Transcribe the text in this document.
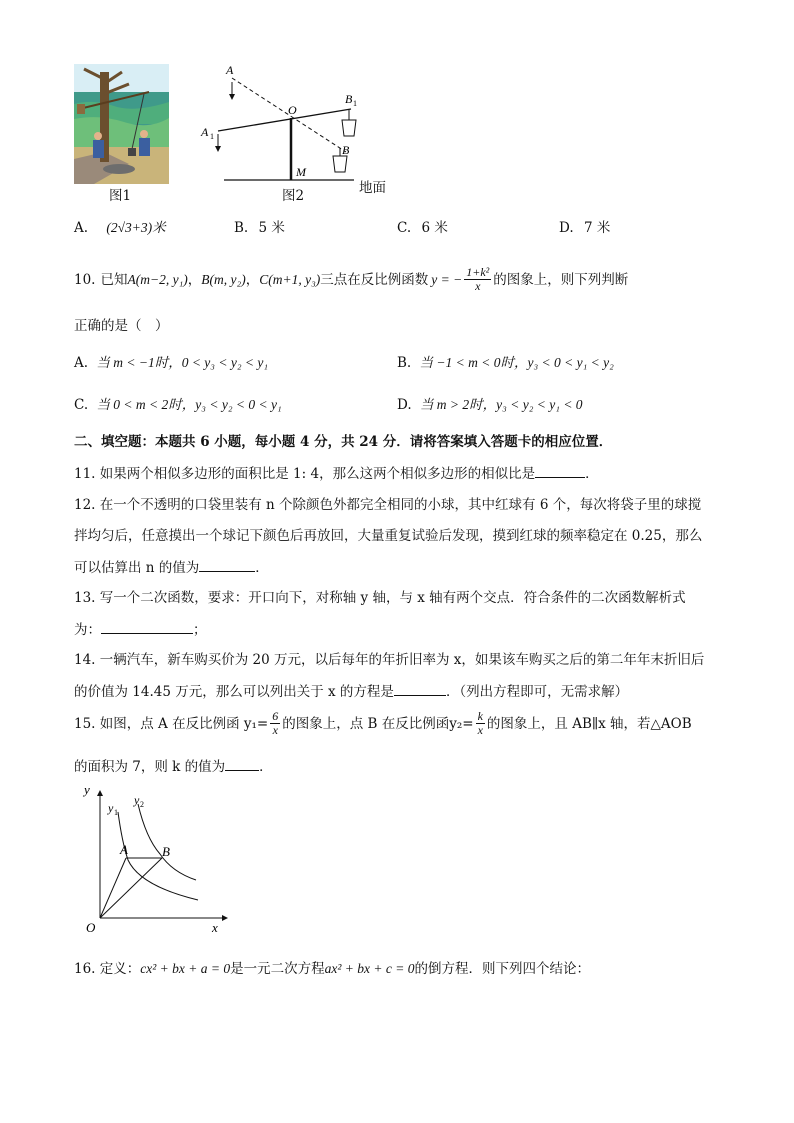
图1
A
A 1
O
B 1
B
M
地面
图2
A. (2√3+3)米	B. 5 米	C. 6 米	D. 7 米
10. 已知 A(m−2, y₁) ， B(m, y₂) ， C(m+1, y₃) 三点在反比例函数 y = − $\frac{\text{1+k²}}{x}$ 的图象上，则下列判断
正确的是（　）
A. 当 m < −1时，0 < y₃ < y₂ < y₁	B. 当 −1 < m < 0时，y₃ < 0 < y₁ < y₂
C. 当 0 < m < 2时，y₃ < y₂ < 0 < y₁	D. 当 m > 2时，y₃ < y₂ < y₁ < 0
二、填空题：本题共 6 小题，每小题 4 分，共 24 分．请将答案填入答题卡的相应位置．
11. 如果两个相似多边形的面积比是 1: 4，那么这两个相似多边形的相似比是	．
12. 在一个不透明的口袋里装有 n 个除颜色外都完全相同的小球，其中红球有 6 个，每次将袋子里的球搅
拌均匀后，任意摸出一个球记下颜色后再放回，大量重复试验后发现，摸到红球的频率稳定在 0.25，那么
可以估算出 n 的值为	．
13. 写一个二次函数，要求：开口向下，对称轴 y 轴，与 x 轴有两个交点．符合条件的二次函数解析式
为：	；
14. 一辆汽车，新车购买价为 20 万元，以后每年的年折旧率为 x，如果该车购买之后的第二年年末折旧后
的价值为 14.45 万元，那么可以列出关于 x 的方程是	．（列出方程即可，无需求解）
15. 如图，点 A 在反比例函 $y_1= \frac{6}{x}$ 的图象上，点 B 在反比例函$y_2= \frac{k}{x}$ 的图象上，且 AB∥x 轴，若△AOB
的面积为 7，则 k 的值为	．
y
x
O
y 1
y 2
A	B
16. 定义：cx² + bx + a = 0是一元二次方程ax² + bx + c = 0的倒方程．则下列四个结论：
